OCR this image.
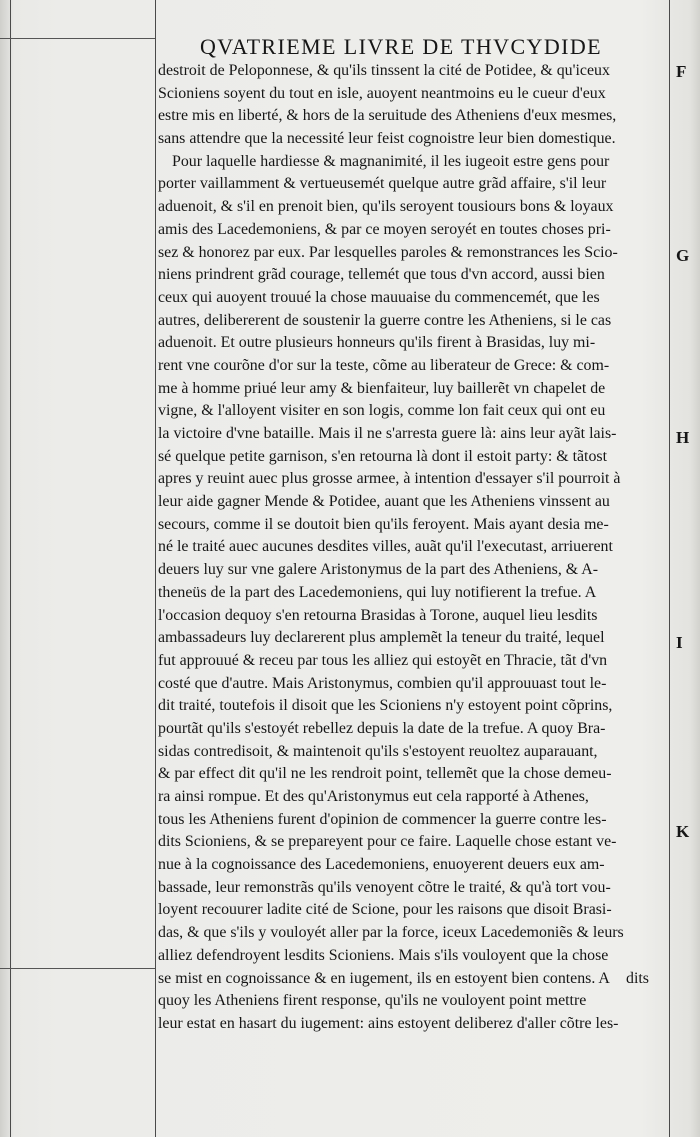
QVATRIEME LIVRE DE THVCYDIDE
destroit de Peloponnese, & qu'ils tinssent la cité de Potidee, & qu'iceux
Scioniens soyent du tout en isle, auoyent neantmoins eu le cueur d'eux
estre mis en liberté, & hors de la seruitude des Atheniens d'eux mesmes,
sans attendre que la necessité leur feist cognoistre leur bien domestique.
Pour laquelle hardiesse & magnanimité, il les iugeoit estre gens pour
porter vaillamment & vertueusemét quelque autre grãd affaire, s'il leur
aduenoit, & s'il en prenoit bien, qu'ils seroyent tousiours bons & loyaux
amis des Lacedemoniens, & par ce moyen seroyét en toutes choses pri-
sez & honorez par eux. Par lesquelles paroles & remonstrances les Scio-
niens prindrent grãd courage, tellemét que tous d'vn accord, aussi bien
ceux qui auoyent trouué la chose mauuaise du commencemét, que les
autres, delibererent de soustenir la guerre contre les Atheniens, si le cas
aduenoit. Et outre plusieurs honneurs qu'ils firent à Brasidas, luy mi-
rent vne courõne d'or sur la teste, cõme au liberateur de Grece: & com-
me à homme priué leur amy & bienfaiteur, luy baillerẽt vn chapelet de
vigne, & l'alloyent visiter en son logis, comme lon fait ceux qui ont eu
la victoire d'vne bataille. Mais il ne s'arresta guere là: ains leur ayãt lais-
sé quelque petite garnison, s'en retourna là dont il estoit party: & tãtost
apres y reuint auec plus grosse armee, à intention d'essayer s'il pourroit à
leur aide gagner Mende & Potidee, auant que les Atheniens vinssent au
secours, comme il se doutoit bien qu'ils feroyent. Mais ayant desia me-
né le traité auec aucunes desdites villes, auãt qu'il l'executast, arriuerent
deuers luy sur vne galere Aristonymus de la part des Atheniens, & A-
theneüs de la part des Lacedemoniens, qui luy notifierent la trefue. A
l'occasion dequoy s'en retourna Brasidas à Torone, auquel lieu lesdits
ambassadeurs luy declarerent plus amplemẽt la teneur du traité, lequel
fut approuué & receu par tous les alliez qui estoyẽt en Thracie, tãt d'vn
costé que d'autre. Mais Aristonymus, combien qu'il approuuast tout le-
dit traité, toutefois il disoit que les Scioniens n'y estoyent point cõprins,
pourtãt qu'ils s'estoyét rebellez depuis la date de la trefue. A quoy Bra-
sidas contredisoit, & maintenoit qu'ils s'estoyent reuoltez auparauant,
& par effect dit qu'il ne les rendroit point, tellemẽt que la chose demeu-
ra ainsi rompue. Et des qu'Aristonymus eut cela rapporté à Athenes,
tous les Atheniens furent d'opinion de commencer la guerre contre les-
dits Scioniens, & se prepareyent pour ce faire. Laquelle chose estant ve-
nue à la cognoissance des Lacedemoniens, enuoyerent deuers eux am-
bassade, leur remonstrãs qu'ils venoyent cõtre le traité, & qu'à tort vou-
loyent recouurer ladite cité de Scione, pour les raisons que disoit Brasi-
das, & que s'ils y vouloyét aller par la force, iceux Lacedemoniẽs & leurs
alliez defendroyent lesdits Scioniens. Mais s'ils vouloyent que la chose
se mist en cognoissance & en iugement, ils en estoyent bien contens. A
quoy les Atheniens firent response, qu'ils ne vouloyent point mettre
leur estat en hasart du iugement: ains estoyent deliberez d'aller cõtre les-
dits
F
G
H
I
K
